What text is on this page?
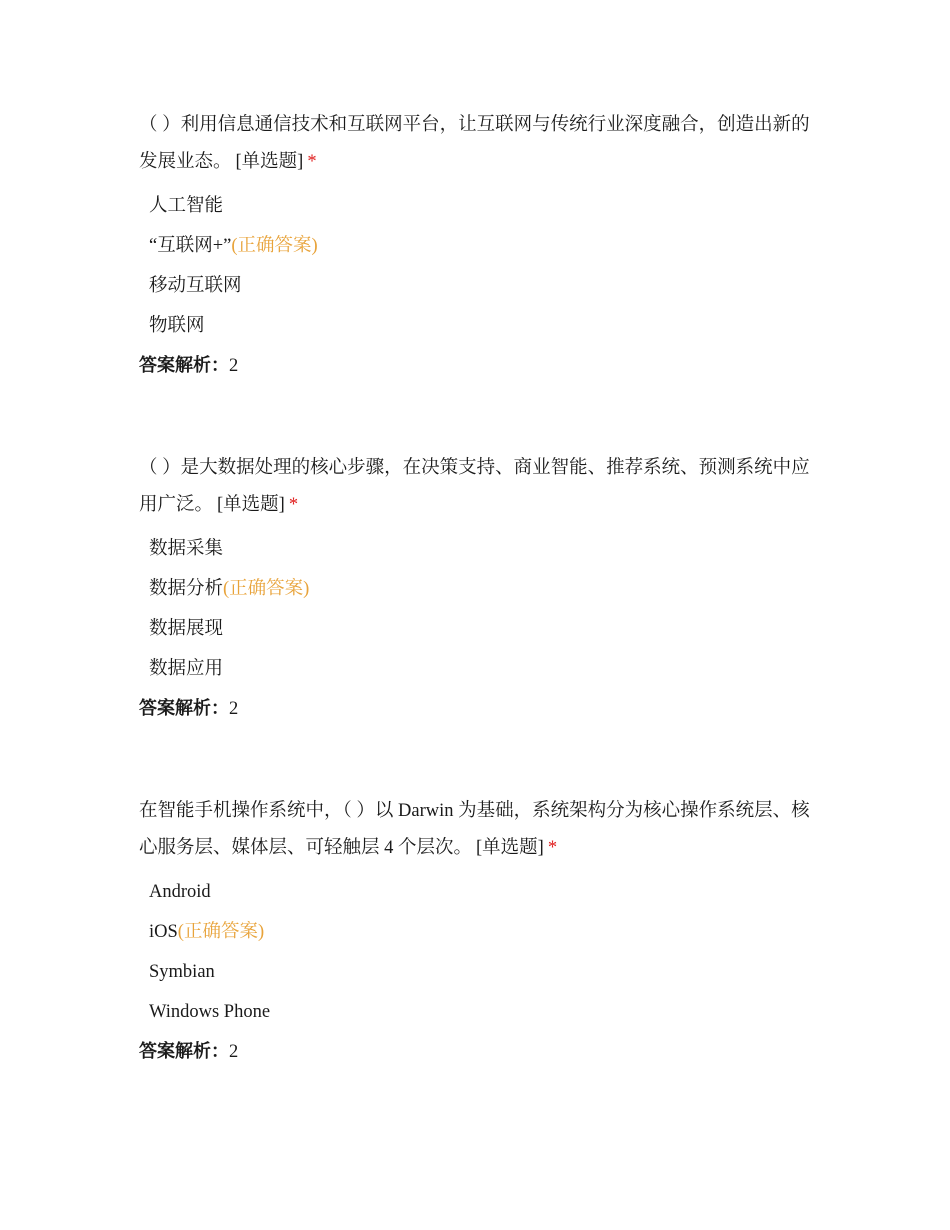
（ ）利用信息通信技术和互联网平台，让互联网与传统行业深度融合，创造出新的发展业态。 [单选题] *

人工智能
“互联网+”(正确答案)
移动互联网
物联网
答案解析：2

（ ）是大数据处理的核心步骤，在决策支持、商业智能、推荐系统、预测系统中应用广泛。 [单选题] *

数据采集
数据分析(正确答案)
数据展现
数据应用
答案解析：2

在智能手机操作系统中，（ ）以 Darwin 为基础，系统架构分为核心操作系统层、核心服务层、媒体层、可轻触层 4 个层次。 [单选题] *

Android
iOS(正确答案)
Symbian
Windows Phone
答案解析：2
